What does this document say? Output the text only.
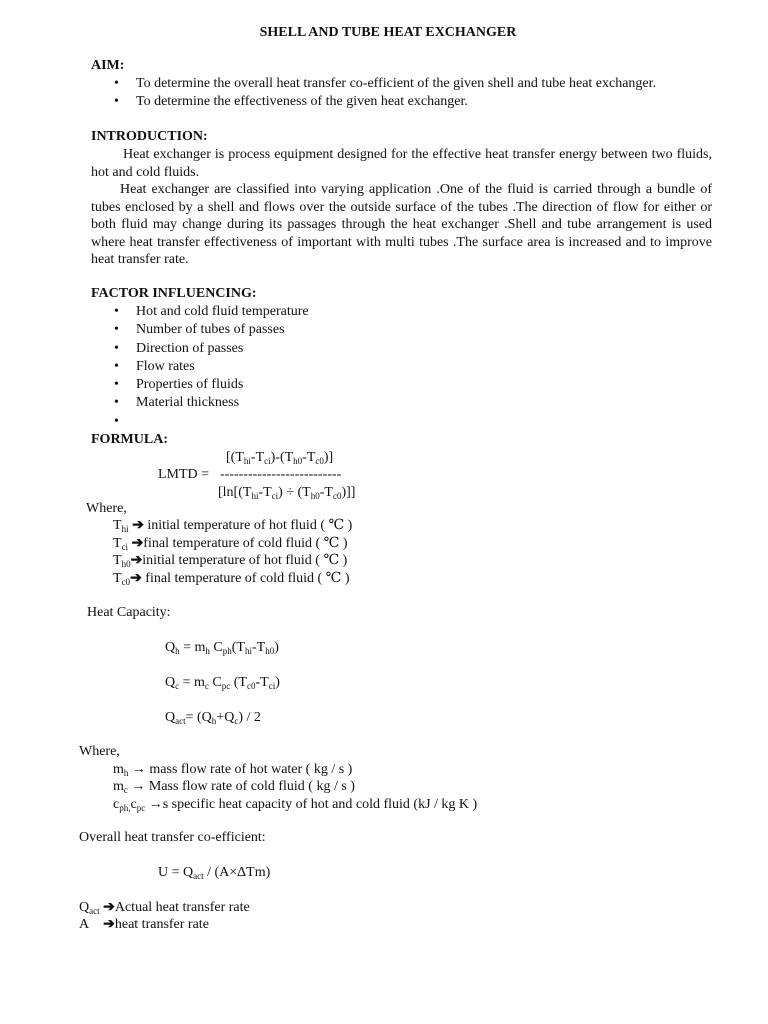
SHELL AND TUBE HEAT EXCHANGER
AIM:
• To determine the overall heat transfer co-efficient of the given shell and tube heat exchanger.
• To determine the effectiveness of the given heat exchanger.
INTRODUCTION:

Heat exchanger is process equipment designed for the effective heat transfer energy between two fluids, hot and cold fluids.

Heat exchanger are classified into varying application .One of the fluid is carried through a bundle of tubes enclosed by a shell and flows over the outside surface of the tubes .The direction of flow for either or both fluid may change during its passages through the heat exchanger .Shell and tube arrangement is used where heat transfer effectiveness of important with multi tubes .The surface area is increased and to improve heat transfer rate.

FACTOR INFLUENCING:
• Hot and cold fluid temperature
• Number of tubes of passes
• Direction of passes
• Flow rates
• Properties of fluids
• Material thickness
•
FORMULA:
$[(T_{hi}-T_{ci})-(T_{h0}-T_{c0})]$
LMTD = --------------------------
$[\ln[(T_{hi}-T_{ci}) \div (T_{h0}-T_{c0})]]$
Where,
$T_{hi}$ ➔ initial temperature of hot fluid ( ℃ )
$T_{ci}$ ➔final temperature of cold fluid ( ℃ )
$T_{h0}➔initial$ temperature of hot fluid ( ℃ )
$T_{c0}➔$ final temperature of cold fluid ( ℃ )
Heat Capacity:
$Q_h = m_h$ $C_{ph}(T_{hi}-T_{h0})$
$Q_c = m_c$ $C_{pc}$ $(T_{c0}-T_{ci})$
$Q_{act}= (Q_h+Q_c) / 2$
Where,
$m_h$ → mass flow rate of hot water ( kg / s )
$m_c$ → Mass flow rate of cold fluid ( kg / s )
$c_{ph,}c_{pc} \to s$ specific heat capacity of hot and cold fluid (kJ / kg K )
Overall heat transfer co-efficient:
$U = Q_{act} / (A\times\Delta Tm)$
$Q_{act}$ ➔Actual heat transfer rate
A    ➔heat transfer rate
